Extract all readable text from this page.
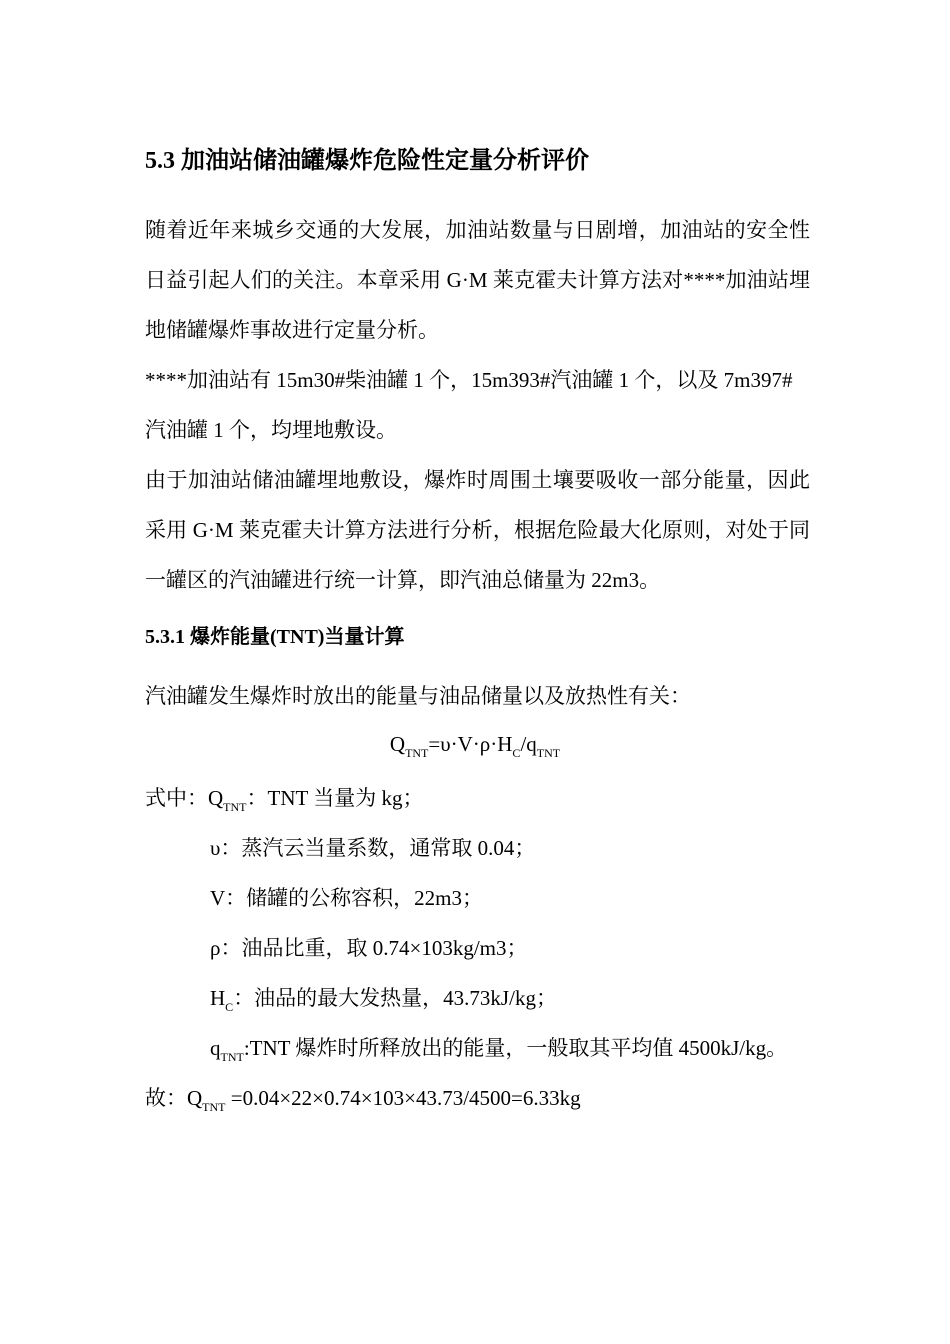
5.3 加油站储油罐爆炸危险性定量分析评价
随着近年来城乡交通的大发展，加油站数量与日剧增，加油站的安全性日益引起人们的关注。本章采用 G·M 莱克霍夫计算方法对****加油站埋地储罐爆炸事故进行定量分析。
****加油站有 15m30#柴油罐 1 个，15m393#汽油罐 1 个，以及 7m397#
汽油罐 1 个，均埋地敷设。
由于加油站储油罐埋地敷设，爆炸时周围土壤要吸收一部分能量，因此采用 G·M 莱克霍夫计算方法进行分析，根据危险最大化原则，对处于同一罐区的汽油罐进行统一计算，即汽油总储量为 22m3。
5.3.1 爆炸能量(TNT)当量计算
汽油罐发生爆炸时放出的能量与油品储量以及放热性有关：
$Q_{TNT}=\upsilon\cdot V\cdot\rho\cdot H_C/q_{TNT}$
式中：$Q_{TNT}$：TNT 当量为 kg；
υ：蒸汽云当量系数，通常取 0.04；
V：储罐的公称容积，22m3；
ρ：油品比重，取 0.74×103kg/m3；
$H_C$：油品的最大发热量，43.73kJ/kg；
$q_{TNT}:TNT$ 爆炸时所释放出的能量，一般取其平均值 4500kJ/kg。
故：$Q_{TNT} =0.04\times 22\times 0.74\times 103\times 43.73/4500=6.33kg$
